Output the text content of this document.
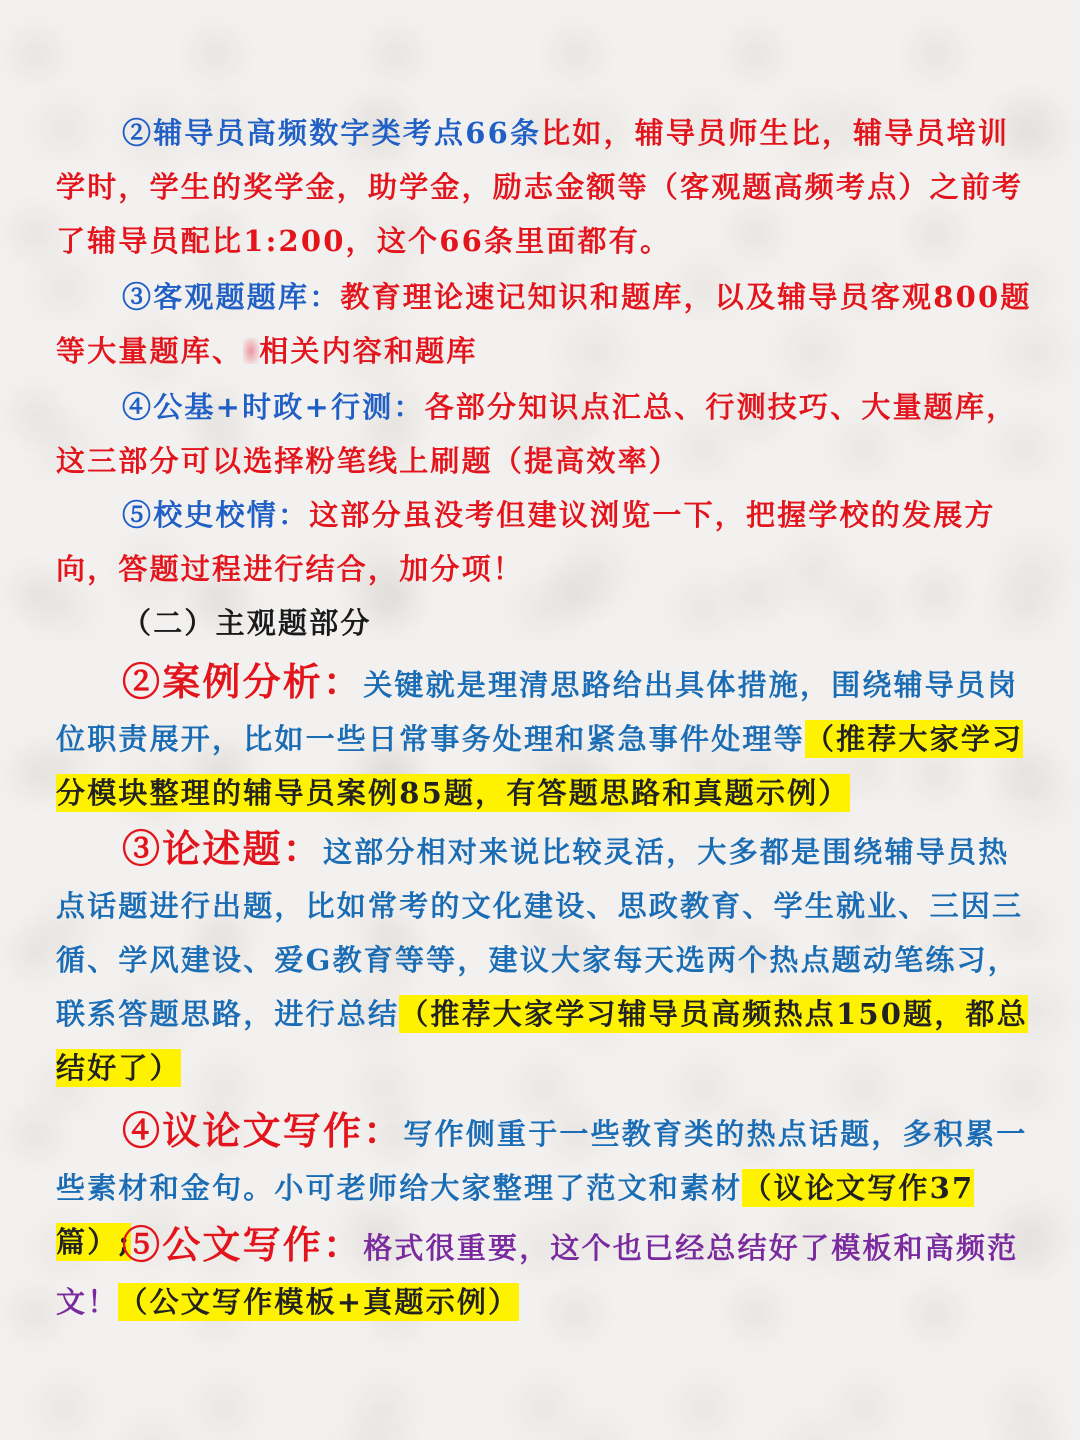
②辅导员高频数字类考点66条比如，辅导员师生比，辅导员培训学时，学生的奖学金，助学金，励志金额等（客观题高频考点）之前考了辅导员配比1:200，这个66条里面都有。

③客观题题库：教育理论速记知识和题库，以及辅导员客观800题等大量题库、 相关内容和题库

④公基+时政+行测：各部分知识点汇总、行测技巧、大量题库，这三部分可以选择粉笔线上刷题（提高效率）

⑤校史校情：这部分虽没考但建议浏览一下，把握学校的发展方向，答题过程进行结合，加分项！

（二）主观题部分

②案例分析：关键就是理清思路给出具体措施，围绕辅导员岗位职责展开，比如一些日常事务处理和紧急事件处理等（推荐大家学习分模块整理的辅导员案例85题，有答题思路和真题示例）

③论述题：这部分相对来说比较灵活，大多都是围绕辅导员热点话题进行出题，比如常考的文化建设、思政教育、学生就业、三因三循、学风建设、爱G教育等等，建议大家每天选两个热点题动笔练习，联系答题思路，进行总结（推荐大家学习辅导员高频热点150题，都总结好了）

④议论文写作：写作侧重于一些教育类的热点话题，多积累一些素材和金句。小可老师给大家整理了范文和素材（议论文写作37篇）;

⑤公文写作：格式很重要，这个也已经总结好了模板和高频范文！（公文写作模板+真题示例）
